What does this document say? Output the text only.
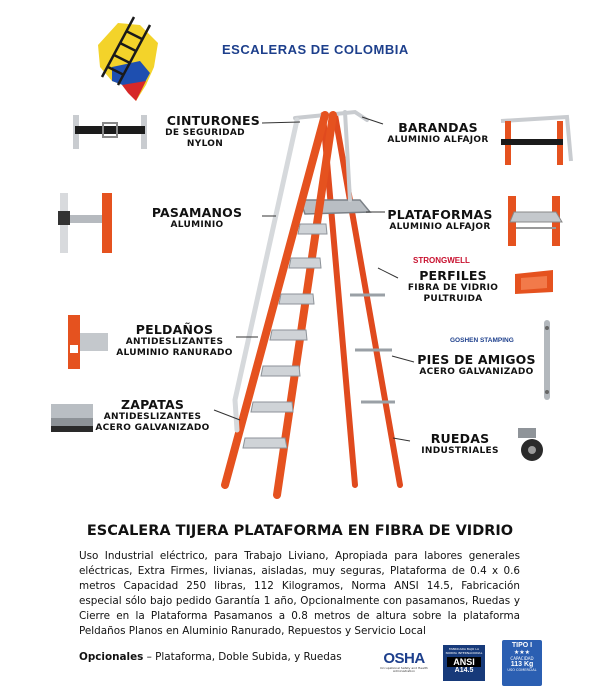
ESCALERAS DE COLOMBIA
CINTURONES
DE SEGURIDAD
NYLON
PASAMANOS
ALUMINIO
PELDAÑOS
ANTIDESLIZANTES
ALUMINIO RANURADO
ZAPATAS
ANTIDESLIZANTES
ACERO GALVANIZADO
BARANDAS
ALUMINIO ALFAJOR
PLATAFORMAS
ALUMINIO ALFAJOR
PERFILES
FIBRA DE VIDRIO
PULTRUIDA
PIES DE AMIGOS
ACERO GALVANIZADO
RUEDAS
INDUSTRIALES
STRONGWELL
GOSHEN STAMPING
ESCALERA TIJERA PLATAFORMA EN FIBRA DE VIDRIO
Uso Industrial eléctrico, para Trabajo Liviano, Apropiada para labores generales eléctricas, Extra Firmes, livianas, aisladas, muy seguras, Plataforma de 0.4 x 0.6 metros Capacidad 250 libras, 112 Kilogramos, Norma ANSI 14.5, Fabricación especial sólo bajo pedido Garantía 1 año, Opcionalmente con pasamanos, Ruedas y Cierre en la Plataforma Pasamanos a 0.8 metros de altura sobre la plataforma Peldaños Planos en Aluminio Ranurado, Repuestos y Servicio Local
Opcionales – Plataforma, Doble Subida, y Ruedas	OSHA
Occupational Safety and Health Administration
FABRICADA BAJO LA NORMA INTERNACIONAL
ANSI
A14.5
TIPO I
★★★
CAPACIDAD
113 Kg
USO COMERCIAL
